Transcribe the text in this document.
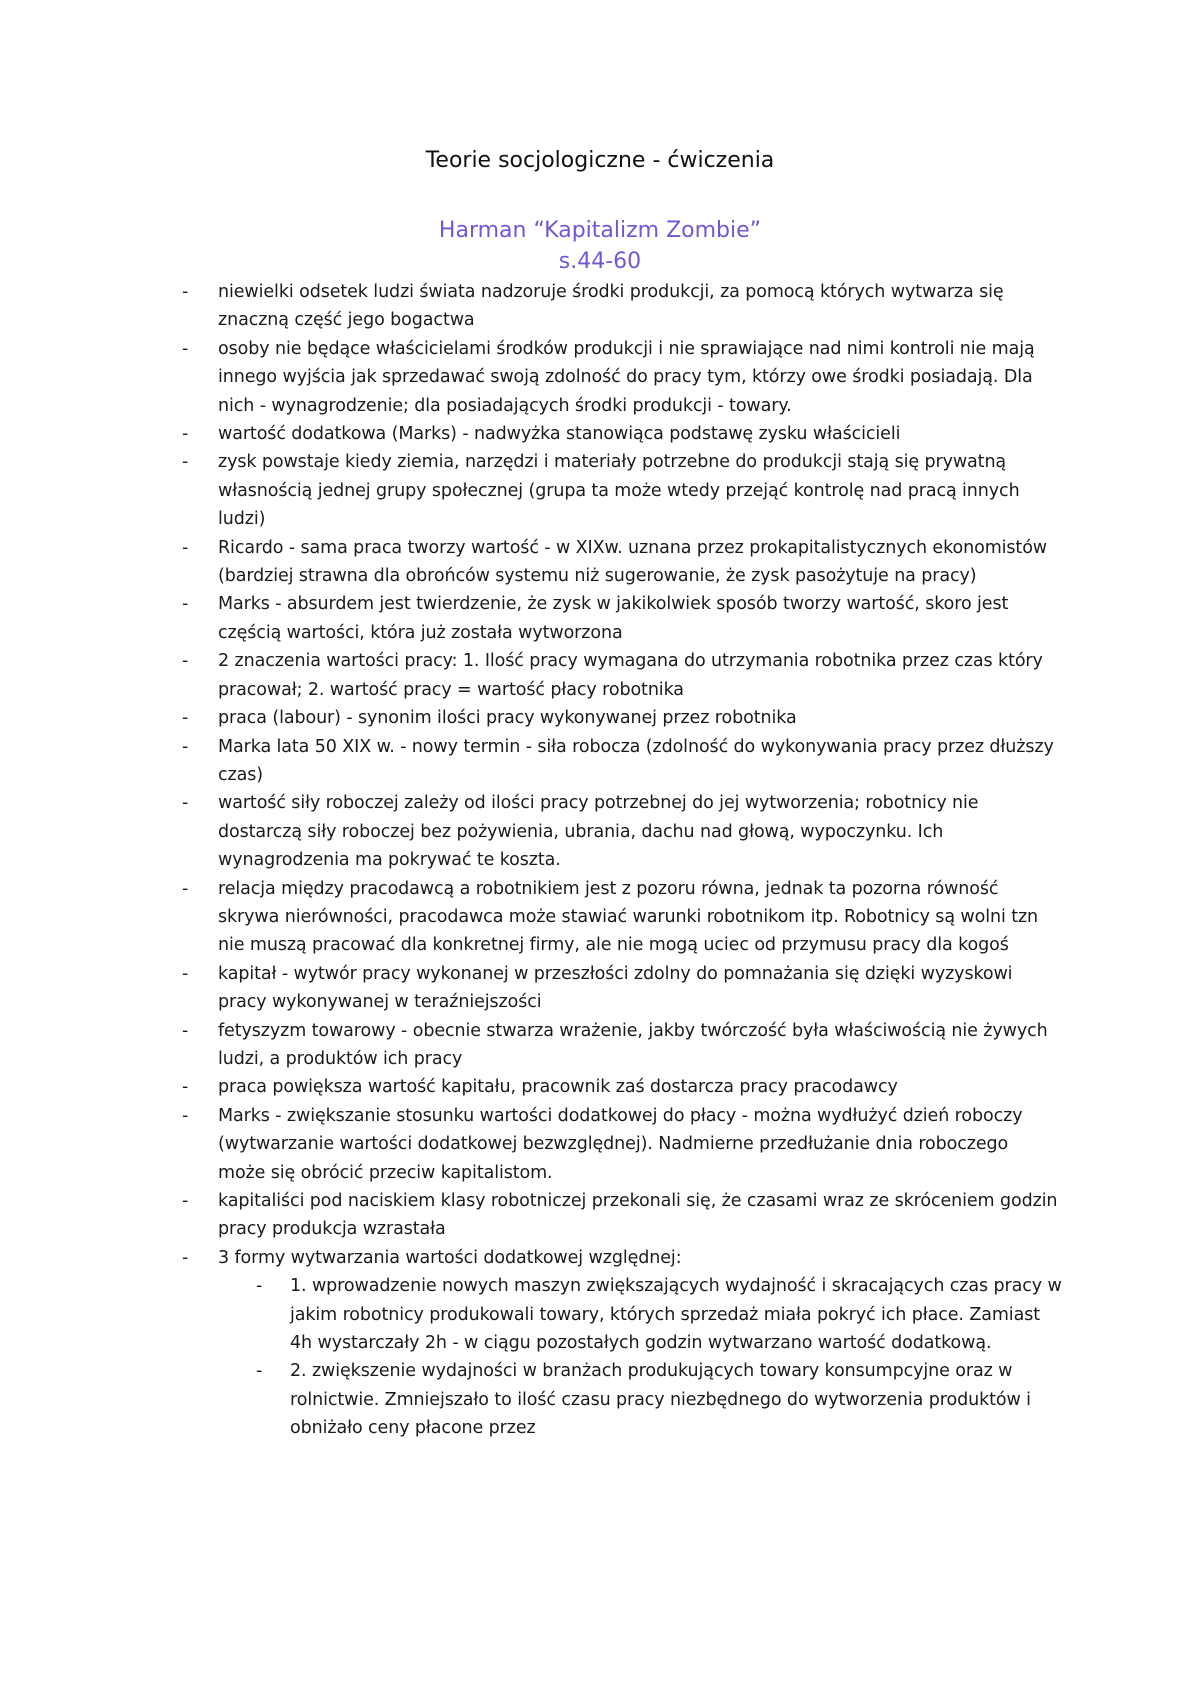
Teorie socjologiczne - ćwiczenia
Harman “Kapitalizm Zombie”
s.44-60
- niewielki odsetek ludzi świata nadzoruje środki produkcji, za pomocą których wytwarza się znaczną część jego bogactwa
- osoby nie będące właścicielami środków produkcji i nie sprawiające nad nimi kontroli nie mają innego wyjścia jak sprzedawać swoją zdolność do pracy tym, którzy owe środki posiadają. Dla nich - wynagrodzenie; dla posiadających środki produkcji - towary.
- wartość dodatkowa (Marks) - nadwyżka stanowiąca podstawę zysku właścicieli
- zysk powstaje kiedy ziemia, narzędzi i materiały potrzebne do produkcji stają się prywatną własnością jednej grupy społecznej (grupa ta może wtedy przejąć kontrolę nad pracą innych ludzi)
- Ricardo - sama praca tworzy wartość - w XIXw. uznana przez prokapitalistycznych ekonomistów (bardziej strawna dla obrońców systemu niż sugerowanie, że zysk pasożytuje na pracy)
- Marks - absurdem jest twierdzenie, że zysk w jakikolwiek sposób tworzy wartość, skoro jest częścią wartości, która już została wytworzona
- 2 znaczenia wartości pracy: 1. Ilość pracy wymagana do utrzymania robotnika przez czas który pracował; 2. wartość pracy = wartość płacy robotnika
- praca (labour) - synonim ilości pracy wykonywanej przez robotnika
- Marka lata 50 XIX w. - nowy termin - siła robocza (zdolność do wykonywania pracy przez dłuższy czas)
- wartość siły roboczej zależy od ilości pracy potrzebnej do jej wytworzenia; robotnicy nie dostarczą siły roboczej bez pożywienia, ubrania, dachu nad głową, wypoczynku. Ich wynagrodzenia ma pokrywać te koszta.
- relacja między pracodawcą a robotnikiem jest z pozoru równa, jednak ta pozorna równość skrywa nierówności, pracodawca może stawiać warunki robotnikom itp. Robotnicy są wolni tzn nie muszą pracować dla konkretnej firmy, ale nie mogą uciec od przymusu pracy dla kogoś
- kapitał - wytwór pracy wykonanej w przeszłości zdolny do pomnażania się dzięki wyzyskowi pracy wykonywanej w teraźniejszości
- fetyszyzm towarowy - obecnie stwarza wrażenie, jakby twórczość była właściwością nie żywych ludzi, a produktów ich pracy
- praca powiększa wartość kapitału, pracownik zaś dostarcza pracy pracodawcy
- Marks - zwiększanie stosunku wartości dodatkowej do płacy - można wydłużyć dzień roboczy (wytwarzanie wartości dodatkowej bezwzględnej). Nadmierne przedłużanie dnia roboczego może się obrócić przeciw kapitalistom.
- kapitaliści pod naciskiem klasy robotniczej przekonali się, że czasami wraz ze skróceniem godzin pracy produkcja wzrastała
- 3 formy wytwarzania wartości dodatkowej względnej:
- 1. wprowadzenie nowych maszyn zwiększających wydajność i skracających czas pracy w jakim robotnicy produkowali towary, których sprzedaż miała pokryć ich płace. Zamiast 4h wystarczały 2h - w ciągu pozostałych godzin wytwarzano wartość dodatkową.
- 2. zwiększenie wydajności w branżach produkujących towary konsumpcyjne oraz w rolnictwie. Zmniejszało to ilość czasu pracy niezbędnego do wytworzenia produktów i obniżało ceny płacone przez
